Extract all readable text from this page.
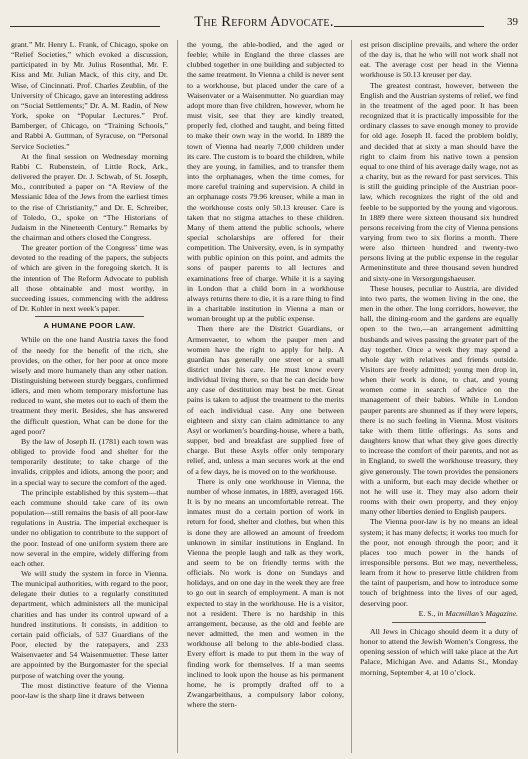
The Reform Advocate.	39

grant.” Mr. Henry L. Frank, of Chicago, spoke on “Relief Societies,” which evoked a discussion, participated in by Mr. Julius Rosenthal, Mr. F. Kiss and Mr. Julian Mack, of this city, and Dr. Wise, of Cincinnati. Prof. Charles Zeublin, of the University of Chicago, gave an interesting address on “Social Settlements;” Dr. A. M. Radin, of New York, spoke on “Popular Lectures.” Prof. Bamberger, of Chicago, on “Training Schools,” and Rabbi A. Guttman, of Syracuse, on “Personal Service Societies.”

At the final session on Wednesday morning Rabbi C. Rubenstein, of Little Rock, Ark., delivered the prayer. Dr. J. Schwab, of St. Joseph, Mo., contributed a paper on “A Review of the Messianic Idea of the Jews from the earliest times to the rise of Christianity,” and Dr. E. Schreiber, of Toledo, O., spoke on “The Historians of Judaism in the Nineteenth Century.” Remarks by the chairman and others closed the Congress.

The greater portion of the Congress’ time was devoted to the reading of the papers, the subjects of which are given in the foregoing sketch. It is the intention of The Reform Advocate to publish all those obtainable and most worthy, in succeeding issues, commencing with the address of Dr. Kohler in next week’s paper.

A HUMANE POOR LAW.

While on the one hand Austria taxes the food of the needy for the benefit of the rich, she provides, on the other, for her poor at once more wisely and more humanely than any other nation. Distinguishing between sturdy beggars, confirmed idlers, and men whom temporary misfortune has reduced to want, she metes out to each of them the treatment they merit. Besides, she has answered the difficult question, What can be done for the aged poor?

By the law of Joseph II. (1781) each town was obliged to provide food and shelter for the temporarily destitute; to take charge of the invalids, cripples and idiots, among the poor; and in a special way to secure the comfort of the aged.

The principle established by this system—that each commune should take care of its own population—still remains the basis of all poor-law regulations in Austria. The imperial exchequer is under no obligation to contribute to the support of the poor. Instead of one uniform system there are now several in the empire, widely differing from each other.

We will study the system in force in Vienna. The municipal authorities, with regard to the poor, delegate their duties to a regularly constituted department, which administers all the municipal charities and has under its control upward of a hundred institutions. It consists, in addition to certain paid officials, of 537 Guardians of the Poor, elected by the ratepayers, and 233 Waisenvaeter and 54 Waisenmuetter. These latter are appointed by the Burgomaster for the special purpose of watching over the young.

The most distinctive feature of the Vienna poor-law is the sharp line it draws between

the young, the able-bodied, and the aged or feeble; while in England the three classes are clubbed together in one building and subjected to the same treatment. In Vienna a child is never sent to a workhouse, but placed under the care of a Waisenvater or a Waisenmutter. No guardian may adopt more than five children, however, whom he must visit, see that they are kindly treated, properly fed, clothed and taught, and being fitted to make their own way in the world. In 1889 the town of Vienna had nearly 7,000 children under its care. The custom is to board the children, while they are young, in families, and to transfer them into the orphanages, when the time comes, for more careful training and supervision. A child in an orphanage costs 79.96 kreuser, while a man in the workhouse costs only 50.13 kreuser. Care is taken that no stigma attaches to these children. Many of them attend the public schools, where special scholarships are offered for their competition. The University, even, is in sympathy with public opinion on this point, and admits the sons of pauper parents to all lectures and examinations free of charge. While it is a saying in London that a child born in a workhouse always returns there to die, it is a rare thing to find in a charitable institution in Vienna a man or woman brought up at the public expense.

Then there are the District Guardians, or Armenvaeter, to whom the pauper men and women have the right to apply for help. A guardian has generally one street or a small district under his care. He must know every individual living there, so that he can decide how any case of destitution may best be met. Great pains is taken to adjust the treatment to the merits of each individual case. Any one between eighteen and sixty can claim admittance to any Asyl or workmen’s boarding-house, where a bath, supper, bed and breakfast are supplied free of charge. But these Asyls offer only temporary relief, and, unless a man secures work at the end of a few days, he is moved on to the workhouse.

There is only one workhouse in Vienna, the number of whose inmates, in 1889, averaged 166. It is by no means an uncomfortable retreat. The inmates must do a certain portion of work in return for food, shelter and clothes, but when this is done they are allowed an amount of freedom unknown in similar institutions in England. In Vienna the people laugh and talk as they work, and seem to be on friendly terms with the officials. No work is done on Sundays and holidays, and on one day in the week they are free to go out in search of employment. A man is not expected to stay in the workhouse. He is a visitor, not a resident. There is no hardship in this arrangement, because, as the old and feeble are never admitted, the men and women in the workhouse all belong to the able-bodied class. Every effort is made to put them in the way of finding work for themselves. If a man seems inclined to look upon the house as his permanent home, he is promptly drafted off to a Zwangarbeithaus, a compulsory labor colony, where the stern-

est prison discipline prevails, and where the order of the day is, that he who will not work shall not eat. The average cost per head in the Vienna workhouse is 50.13 kreuser per day.

The greatest contrast, however, between the English and the Austrian systems of relief, we find in the treatment of the aged poor. It has been recognized that it is practically impossible for the ordinary classes to save enough money to provide for old age. Joseph II. faced the problem boldly, and decided that at sixty a man should have the right to claim from his native town a pension equal to one third of his average daily wage, not as a charity, but as the reward for past services. This is still the guiding principle of the Austrian poor-law, which recognizes the right of the old and feeble to be supported by the young and vigorous. In 1889 there were sixteen thousand six hundred persons receiving from the city of Vienna pensions varying from two to six florins a month. There were also thirteen hundred and twenty-two persons living at the public expense in the regular Armeninstitute and three thousand seven hundred and sixty-one in Versorgungshaeuser.

These houses, peculiar to Austria, are divided into two parts, the women living in the one, the men in the other. The long corridors, however, the hall, the dining-room and the gardens are equally open to the two,—an arrangement admitting husbands and wives passing the greater part of the day together. Once a week they may spend a whole day with relatives and friends outside. Visitors are freely admitted; young men drop in, when their work is done, to chat, and young women come in search of advice on the management of their babies. While in London pauper parents are shunned as if they were lepers, there is no such feeling in Vienna. Most visitors take with them little offerings. As sons and daughters know that what they give goes directly to increase the comfort of their parents, and not as in England, to swell the workhouse treasury, they give generously. The town provides the pensioners with a uniform, but each may decide whether or not he will use it. They may also adorn their rooms with their own property, and they enjoy many other liberties denied to English paupers.

The Vienna poor-law is by no means an ideal system; it has many defects; it works too much for the poor, not enough through the poor; and it places too much power in the hands of irresponsible persons. But we may, nevertheless, learn from it how to preserve little children from the taint of pauperism, and how to introduce some touch of brightness into the lives of our aged, deserving poor.

E. S., in Macmillan’s Magazine.

All Jews in Chicago should deem it a duty of honor to attend the Jewish Women’s Congress, the opening session of which will take place at the Art Palace, Michigan Ave. and Adams St., Monday morning, September 4, at 10 o’clock.
